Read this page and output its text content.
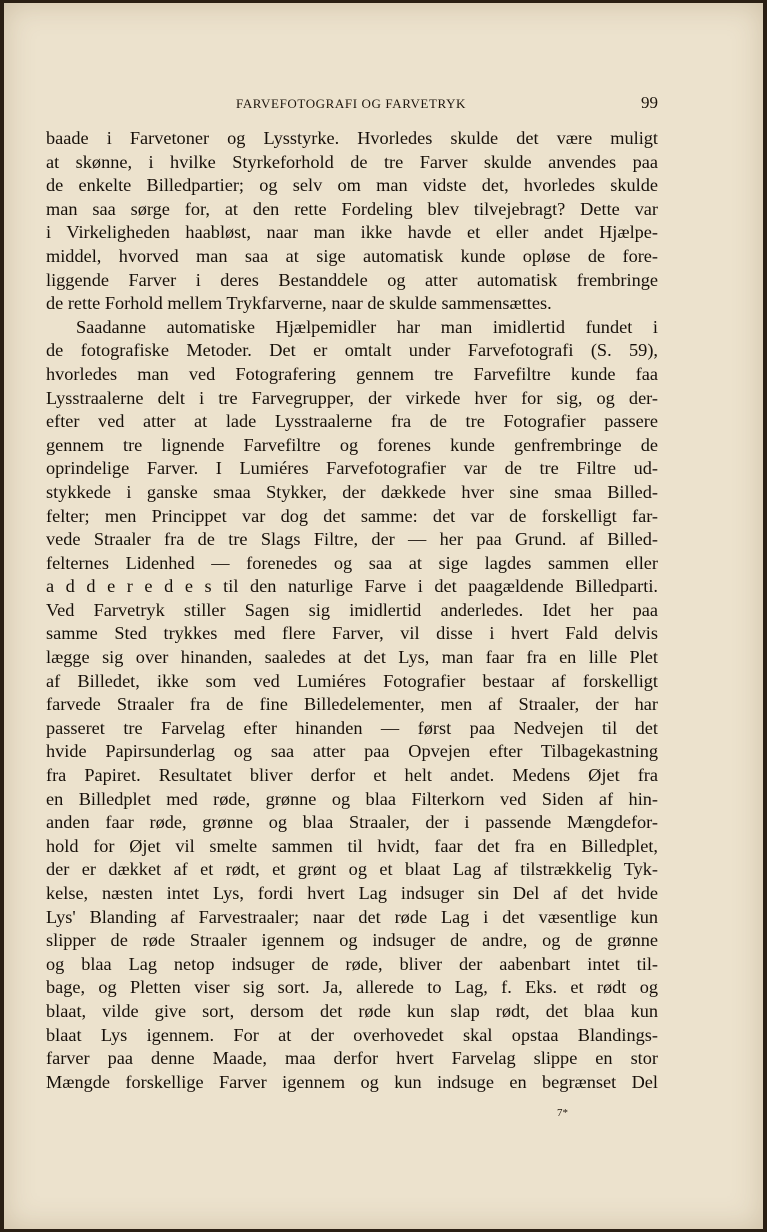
FARVEFOTOGRAFI OG FARVETRYK	99
baade i Farvetoner og Lysstyrke. Hvorledes skulde det være muligt
at skønne, i hvilke Styrkeforhold de tre Farver skulde anvendes paa
de enkelte Billedpartier; og selv om man vidste det, hvorledes skulde
man saa sørge for, at den rette Fordeling blev tilvejebragt? Dette var
i Virkeligheden haabløst, naar man ikke havde et eller andet Hjælpe-
middel, hvorved man saa at sige automatisk kunde opløse de fore-
liggende Farver i deres Bestanddele og atter automatisk frembringe
de rette Forhold mellem Trykfarverne, naar de skulde sammensættes.
Saadanne automatiske Hjælpemidler har man imidlertid fundet i
de fotografiske Metoder. Det er omtalt under Farvefotografi (S. 59),
hvorledes man ved Fotografering gennem tre Farvefiltre kunde faa
Lysstraalerne delt i tre Farvegrupper, der virkede hver for sig, og der-
efter ved atter at lade Lysstraalerne fra de tre Fotografier passere
gennem tre lignende Farvefiltre og forenes kunde genfrembringe de
oprindelige Farver. I Lumiéres Farvefotografier var de tre Filtre ud-
stykkede i ganske smaa Stykker, der dækkede hver sine smaa Billed-
felter; men Princippet var dog det samme: det var de forskelligt far-
vede Straaler fra de tre Slags Filtre, der — her paa Grund. af Billed-
felternes Lidenhed — forenedes og saa at sige lagdes sammen eller
a d d e r e d e s til den naturlige Farve i det paagældende Billedparti.
Ved Farvetryk stiller Sagen sig imidlertid anderledes. Idet her paa
samme Sted trykkes med flere Farver, vil disse i hvert Fald delvis
lægge sig over hinanden, saaledes at det Lys, man faar fra en lille Plet
af Billedet, ikke som ved Lumiéres Fotografier bestaar af forskelligt
farvede Straaler fra de fine Billedelementer, men af Straaler, der har
passeret tre Farvelag efter hinanden — først paa Nedvejen til det
hvide Papirsunderlag og saa atter paa Opvejen efter Tilbagekastning
fra Papiret. Resultatet bliver derfor et helt andet. Medens Øjet fra
en Billedplet med røde, grønne og blaa Filterkorn ved Siden af hin-
anden faar røde, grønne og blaa Straaler, der i passende Mængdefor-
hold for Øjet vil smelte sammen til hvidt, faar det fra en Billedplet,
der er dækket af et rødt, et grønt og et blaat Lag af tilstrækkelig Tyk-
kelse, næsten intet Lys, fordi hvert Lag indsuger sin Del af det hvide
Lys' Blanding af Farvestraaler; naar det røde Lag i det væsentlige kun
slipper de røde Straaler igennem og indsuger de andre, og de grønne
og blaa Lag netop indsuger de røde, bliver der aabenbart intet til-
bage, og Pletten viser sig sort. Ja, allerede to Lag, f. Eks. et rødt og
blaat, vilde give sort, dersom det røde kun slap rødt, det blaa kun
blaat Lys igennem. For at der overhovedet skal opstaa Blandings-
farver paa denne Maade, maa derfor hvert Farvelag slippe en stor
Mængde forskellige Farver igennem og kun indsuge en begrænset Del
7*
